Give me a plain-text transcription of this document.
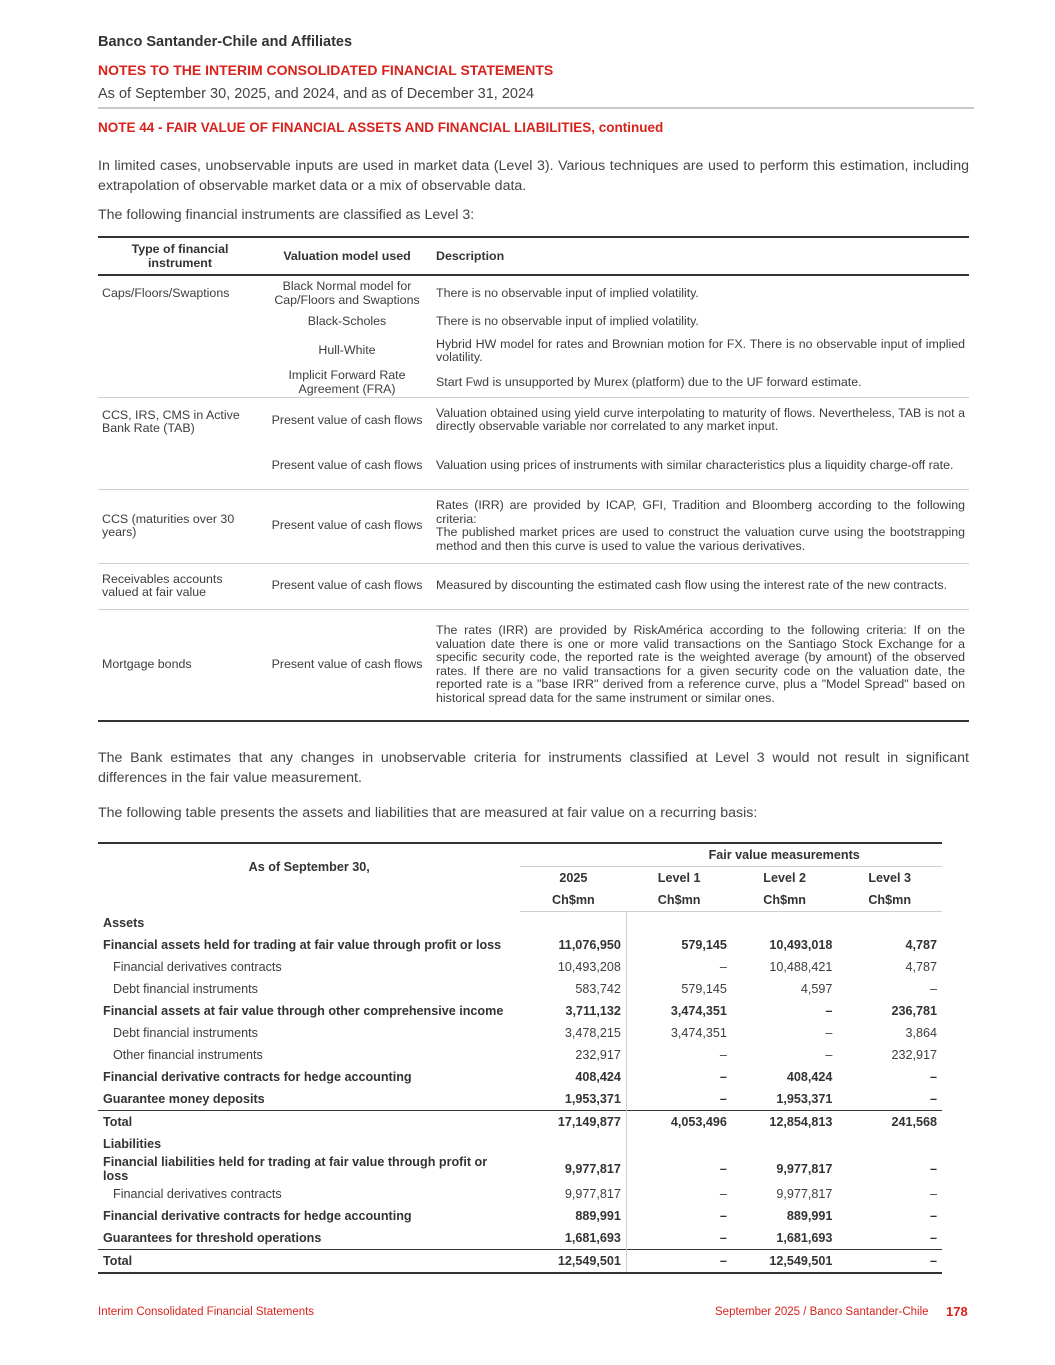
Banco Santander-Chile and Affiliates
NOTES TO THE INTERIM CONSOLIDATED FINANCIAL STATEMENTS
As of September 30, 2025, and 2024, and as of December 31, 2024
NOTE 44 - FAIR VALUE OF FINANCIAL ASSETS AND FINANCIAL LIABILITIES, continued
In limited cases, unobservable inputs are used in market data (Level 3). Various techniques are used to perform this estimation, including extrapolation of observable market data or a mix of observable data.
The following financial instruments are classified as Level 3:
Type of financial instrument	Valuation model used	Description
Caps/Floors/Swaptions	Black Normal model for Cap/Floors and Swaptions	There is no observable input of implied volatility.

	Black-Scholes	There is no observable input of implied volatility.

	Hull-White	Hybrid HW model for rates and Brownian motion for FX. There is no observable input of implied volatility.

	Implicit Forward Rate Agreement (FRA)	Start Fwd is unsupported by Murex (platform) due to the UF forward estimate.

CCS, IRS, CMS in Active Bank Rate (TAB)	Present value of cash flows	Valuation obtained using yield curve interpolating to maturity of flows. Nevertheless, TAB is not a directly observable variable nor correlated to any market input.

	Present value of cash flows	Valuation using prices of instruments with similar characteristics plus a liquidity charge-off rate.

CCS (maturities over 30 years)	Present value of cash flows	Rates (IRR) are provided by ICAP, GFI, Tradition and Bloomberg according to the following criteria:
The published market prices are used to construct the valuation curve using the bootstrapping method and then this curve is used to value the various derivatives.

Receivables accounts valued at fair value	Present value of cash flows	Measured by discounting the estimated cash flow using the interest rate of the new contracts.

Mortgage bonds	Present value of cash flows	The rates (IRR) are provided by RiskAmérica according to the following criteria: If on the valuation date there is one or more valid transactions on the Santiago Stock Exchange for a specific security code, the reported rate is the weighted average (by amount) of the observed rates. If there are no valid transactions for a given security code on the valuation date, the reported rate is a "base IRR" derived from a reference curve, plus a "Model Spread" based on historical spread data for the same instrument or similar ones.
The Bank estimates that any changes in unobservable criteria for instruments classified at Level 3 would not result in significant differences in the fair value measurement.
The following table presents the assets and liabilities that are measured at fair value on a recurring basis:
As of September 30,		Fair value measurements		
	2025	Level 1	Level 2	Level 3
	Ch$mn	Ch$mn	Ch$mn	Ch$mn
Assets				
Financial assets held for trading at fair value through profit or loss	11,076,950	579,145	10,493,018	4,787
Financial derivatives contracts	10,493,208	–	10,488,421	4,787
Debt financial instruments	583,742	579,145	4,597	–
Financial assets at fair value through other comprehensive income	3,711,132	3,474,351	–	236,781
Debt financial instruments	3,478,215	3,474,351	–	3,864
Other financial instruments	232,917	–	–	232,917
Financial derivative contracts for hedge accounting	408,424	–	408,424	–
Guarantee money deposits	1,953,371	–	1,953,371	–
Total	17,149,877	4,053,496	12,854,813	241,568
Liabilities				
Financial liabilities held for trading at fair value through profit or loss	9,977,817	–	9,977,817	–
Financial derivatives contracts	9,977,817	–	9,977,817	–
Financial derivative contracts for hedge accounting	889,991	–	889,991	–
Guarantees for threshold operations	1,681,693	–	1,681,693	–
Total	12,549,501	–	12,549,501	–
Interim Consolidated Financial Statements	September 2025 / Banco Santander-Chile 178
